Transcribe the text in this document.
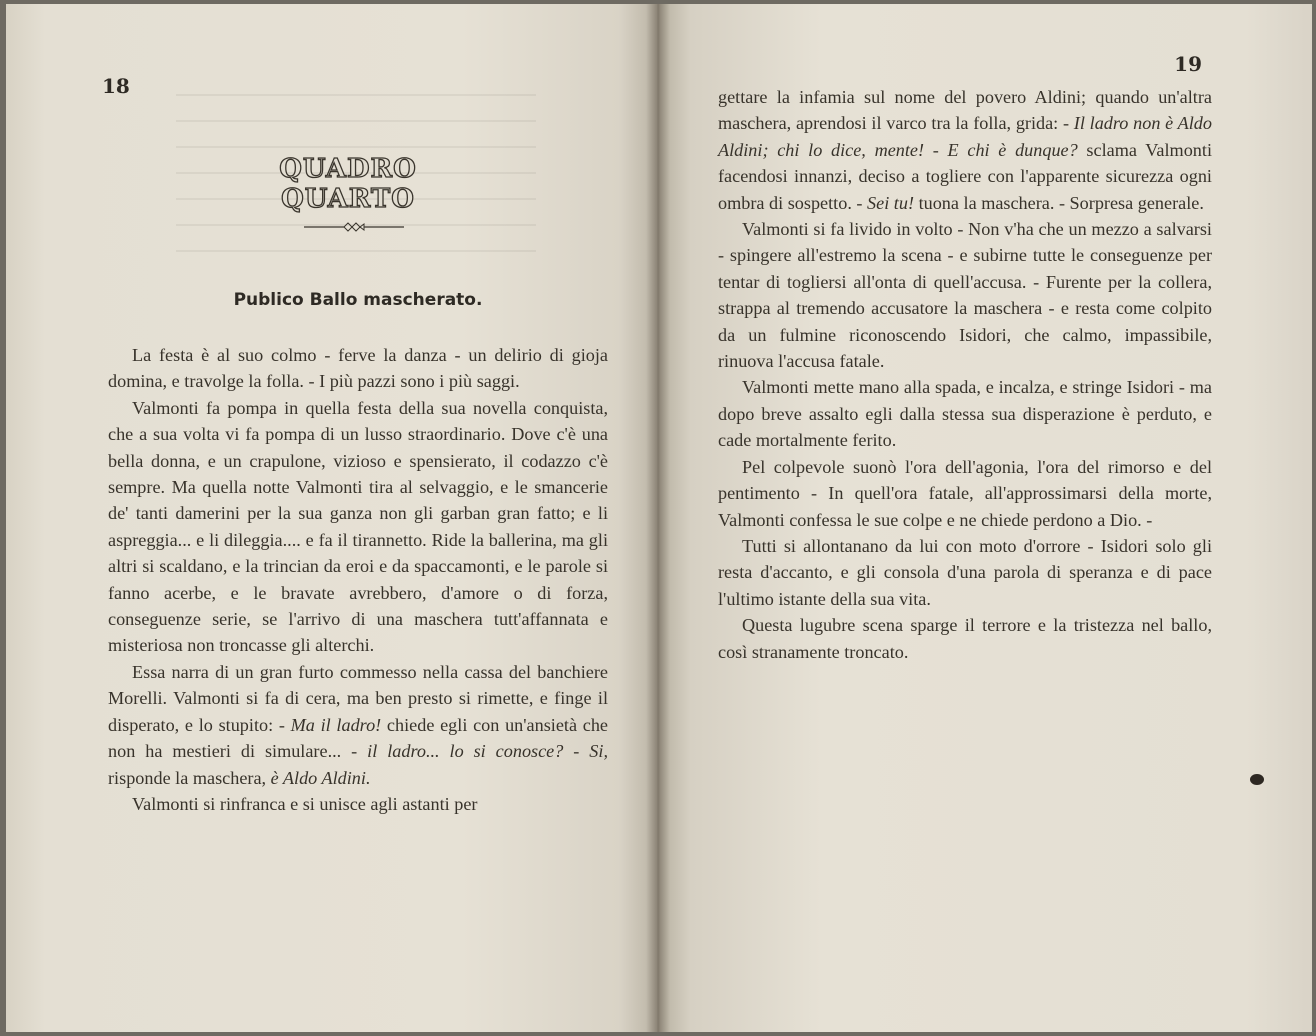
18
QUADRO QUARTO
Publico Ballo mascherato.

La festa è al suo colmo - ferve la danza - un delirio di gioja domina, e travolge la folla. - I più pazzi sono i più saggi.

Valmonti fa pompa in quella festa della sua novella conquista, che a sua volta vi fa pompa di un lusso straordinario. Dove c'è una bella donna, e un crapulone, vizioso e spensierato, il codazzo c'è sempre. Ma quella notte Valmonti tira al selvaggio, e le smancerie de' tanti damerini per la sua ganza non gli garban gran fatto; e li aspreggia... e li dileggia.... e fa il tirannetto. Ride la ballerina, ma gli altri si scaldano, e la trincian da eroi e da spaccamonti, e le parole si fanno acerbe, e le bravate avrebbero, d'amore o di forza, conseguenze serie, se l'arrivo di una maschera tutt'affannata e misteriosa non troncasse gli alterchi.

Essa narra di un gran furto commesso nella cassa del banchiere Morelli. Valmonti si fa di cera, ma ben presto si rimette, e finge il disperato, e lo stupito: - Ma il ladro! chiede egli con un'ansietà che non ha mestieri di simulare... - il ladro... lo si conosce? - Si, risponde la maschera, è Aldo Aldini.

Valmonti si rinfranca e si unisce agli astanti per

19

gettare la infamia sul nome del povero Aldini; quando un'altra maschera, aprendosi il varco tra la folla, grida: - Il ladro non è Aldo Aldini; chi lo dice, mente! - E chi è dunque? sclama Valmonti facendosi innanzi, deciso a togliere con l'apparente sicurezza ogni ombra di sospetto. - Sei tu! tuona la maschera. - Sorpresa generale.

Valmonti si fa livido in volto - Non v'ha che un mezzo a salvarsi - spingere all'estremo la scena - e subirne tutte le conseguenze per tentar di togliersi all'onta di quell'accusa. - Furente per la collera, strappa al tremendo accusatore la maschera - e resta come colpito da un fulmine riconoscendo Isidori, che calmo, impassibile, rinuova l'accusa fatale.

Valmonti mette mano alla spada, e incalza, e stringe Isidori - ma dopo breve assalto egli dalla stessa sua disperazione è perduto, e cade mortalmente ferito.

Pel colpevole suonò l'ora dell'agonia, l'ora del rimorso e del pentimento - In quell'ora fatale, all'approssimarsi della morte, Valmonti confessa le sue colpe e ne chiede perdono a Dio. -

Tutti si allontanano da lui con moto d'orrore - Isidori solo gli resta d'accanto, e gli consola d'una parola di speranza e di pace l'ultimo istante della sua vita.

Questa lugubre scena sparge il terrore e la tristezza nel ballo, così stranamente troncato.
